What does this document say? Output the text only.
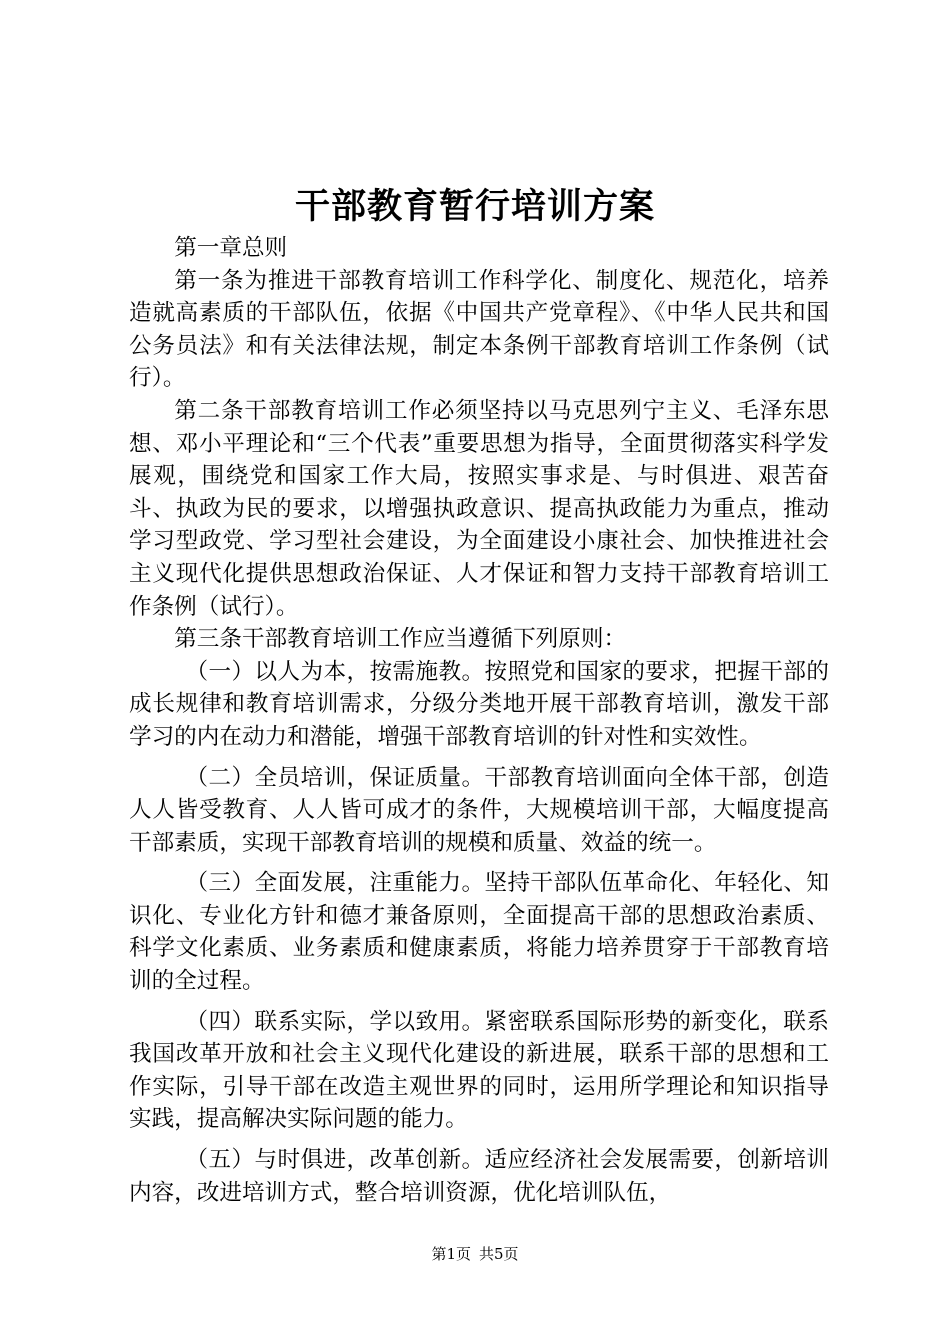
干部教育暂行培训方案

第一章总则

第一条为推进干部教育培训工作科学化、制度化、规范化，培养造就高素质的干部队伍，依据《中国共产党章程》、《中华人民共和国公务员法》和有关法律法规，制定本条例干部教育培训工作条例（试行）。

第二条干部教育培训工作必须坚持以马克思列宁主义、毛泽东思想、邓小平理论和“三个代表”重要思想为指导，全面贯彻落实科学发展观，围绕党和国家工作大局，按照实事求是、与时俱进、艰苦奋斗、执政为民的要求，以增强执政意识、提高执政能力为重点，推动学习型政党、学习型社会建设，为全面建设小康社会、加快推进社会主义现代化提供思想政治保证、人才保证和智力支持干部教育培训工作条例（试行）。

第三条干部教育培训工作应当遵循下列原则：

（一）以人为本，按需施教。按照党和国家的要求，把握干部的成长规律和教育培训需求，分级分类地开展干部教育培训，激发干部学习的内在动力和潜能，增强干部教育培训的针对性和实效性。

（二）全员培训，保证质量。干部教育培训面向全体干部，创造人人皆受教育、人人皆可成才的条件，大规模培训干部，大幅度提高干部素质，实现干部教育培训的规模和质量、效益的统一。

（三）全面发展，注重能力。坚持干部队伍革命化、年轻化、知识化、专业化方针和德才兼备原则，全面提高干部的思想政治素质、科学文化素质、业务素质和健康素质，将能力培养贯穿于干部教育培训的全过程。

（四）联系实际，学以致用。紧密联系国际形势的新变化，联系我国改革开放和社会主义现代化建设的新进展，联系干部的思想和工作实际，引导干部在改造主观世界的同时，运用所学理论和知识指导实践，提高解决实际问题的能力。

（五）与时俱进，改革创新。适应经济社会发展需要，创新培训内容，改进培训方式，整合培训资源，优化培训队伍，

第1页 共5页
